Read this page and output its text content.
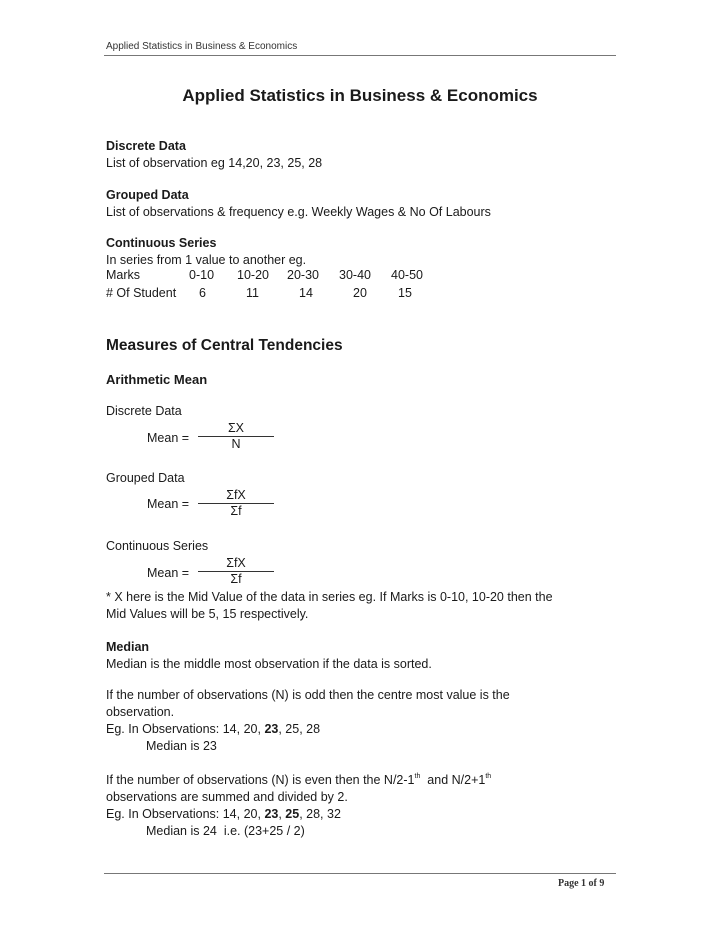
Applied Statistics in Business & Economics
Applied Statistics in Business & Economics
Discrete Data
List of observation eg 14,20, 23, 25, 28
Grouped Data
List of observations & frequency e.g. Weekly Wages & No Of Labours
Continuous Series
In series from 1 value to another eg.
Marks	0-10 10-20 20-30 30-40 40-50
# Of Student 6	11	14	20 15
Measures of Central Tendencies
Arithmetic Mean
Discrete Data
Mean =
ΣX
N
Grouped Data
Mean =
ΣfX
Σf
Continuous Series
Mean =
ΣfX
Σf
* X here is the Mid Value of the data in series eg. If Marks is 0-10, 10-20 then the
Mid Values will be 5, 15 respectively.
Median
Median is the middle most observation if the data is sorted.
If the number of observations (N) is odd then the centre most value is the
observation.
Eg. In Observations: 14, 20, 23, 25, 28
Median is 23
If the number of observations (N) is even then the N/2-1th  and N/2+1th
observations are summed and divided by 2.
Eg. In Observations: 14, 20, 23, 25, 28, 32
Median is 24  i.e. (23+25 / 2)
Page 1 of 9
